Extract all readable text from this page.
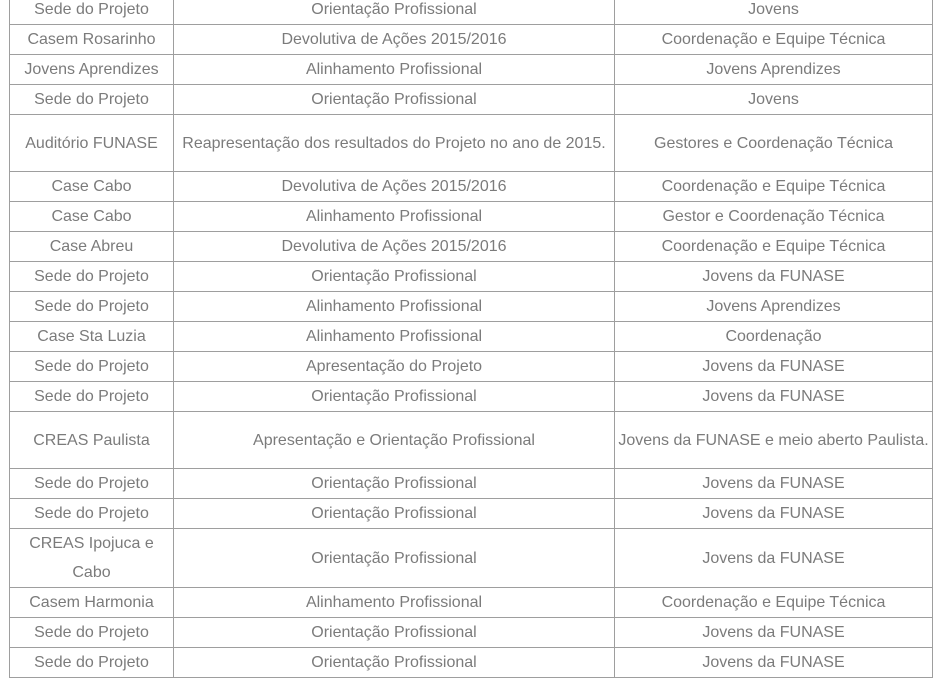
Sede do Projeto	Orientação Profissional	Jovens
Casem Rosarinho	Devolutiva de Ações 2015/2016	Coordenação e Equipe Técnica
Jovens Aprendizes	Alinhamento Profissional	Jovens Aprendizes
Sede do Projeto	Orientação Profissional	Jovens
Auditório FUNASE	Reapresentação dos resultados do Projeto no ano de 2015.	Gestores e Coordenação Técnica
Case Cabo	Devolutiva de Ações 2015/2016	Coordenação e Equipe Técnica
Case Cabo	Alinhamento Profissional	Gestor e Coordenação Técnica
Case Abreu	Devolutiva de Ações 2015/2016	Coordenação e Equipe Técnica
Sede do Projeto	Orientação Profissional	Jovens da FUNASE
Sede do Projeto	Alinhamento Profissional	Jovens Aprendizes
Case Sta Luzia	Alinhamento Profissional	Coordenação
Sede do Projeto	Apresentação do Projeto	Jovens da FUNASE
Sede do Projeto	Orientação Profissional	Jovens da FUNASE
CREAS Paulista	Apresentação e Orientação Profissional	Jovens da FUNASE e meio aberto Paulista.
Sede do Projeto	Orientação Profissional	Jovens da FUNASE
Sede do Projeto	Orientação Profissional	Jovens da FUNASE
CREAS Ipojuca e Cabo	Orientação Profissional	Jovens da FUNASE
Casem Harmonia	Alinhamento Profissional	Coordenação e Equipe Técnica
Sede do Projeto	Orientação Profissional	Jovens da FUNASE
Sede do Projeto	Orientação Profissional	Jovens da FUNASE
